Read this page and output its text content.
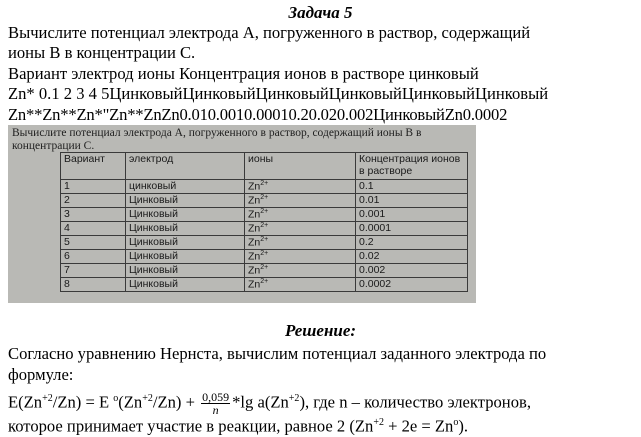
Задача 5
Вычислите потенциал электрода A, погруженного в раствор, содержащий
ионы B в концентрации C.
Вариант электрод ионы Концентрация ионов в растворе цинковый
Zn* 0.1 2 3 4 5ЦинковыйЦинковыйЦинковыйЦинковыйЦинковыйЦинковый
Zn**Zn**Zn*"Zn**ZnZn0.010.0010.00010.20.020.002ЦинковыйZn0.0002
Вычислите потенциал электрода A, погруженного в раствор, содержащий ионы B в концентрации C.
Вариант	электрод	ионы	Концентрация ионов в растворе
1	цинковый	$Zn^{2+}$	0.1
2	Цинковый	$Zn^{2+}$	0.01
3	Цинковый	$Zn^{2+}$	0.001
4	Цинковый	$Zn^{2+}$	0.0001
5	Цинковый	$Zn^{2+}$	0.2
6	Цинковый	$Zn^{2+}$	0.02
7	Цинковый	$Zn^{2+}$	0.002
8	Цинковый	$Zn^{2+}$	0.0002
Решение:
Согласно уравнению Нернста, вычислим потенциал заданного электрода по
формуле:
$E(Zn^{+2}/Zn) = E$ $^o(Zn^{+2}/Zn) + \frac{0,059}{n} *\lg$ $a(Zn^{+2})$, где n – количество электронов,
которое принимает участие в реакции, равное 2 $(Zn^{+2} + 2e = Zn^o)$.
